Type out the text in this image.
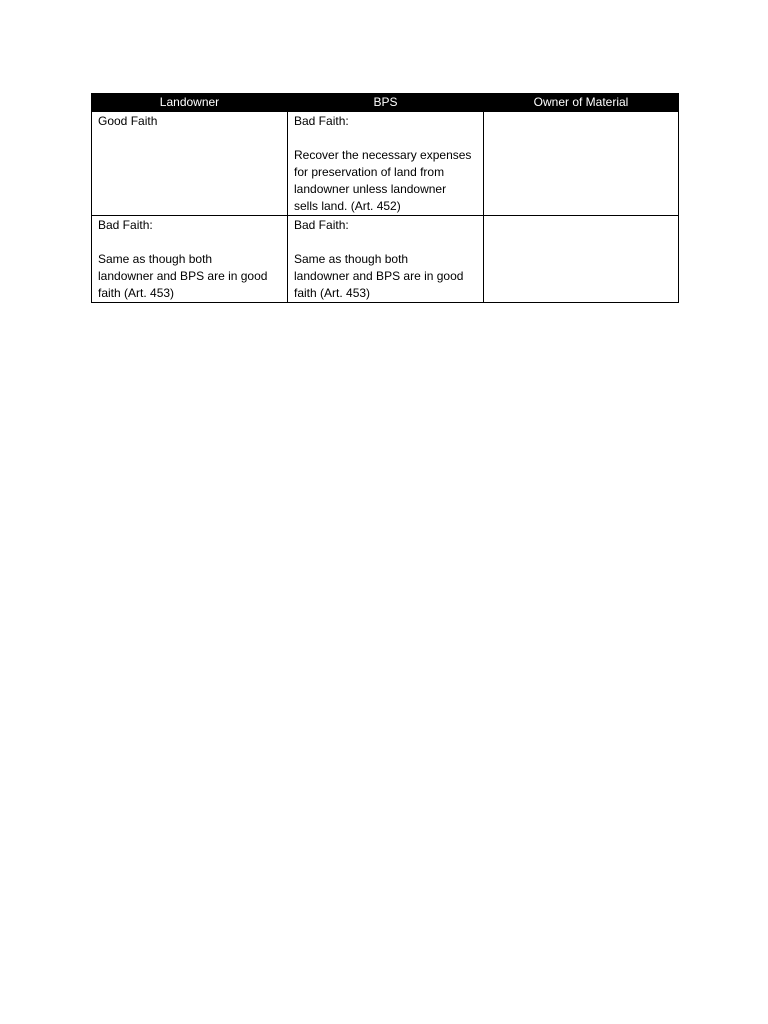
Landowner	BPS	Owner of Material

Good Faith	Bad Faith:
Recover the necessary expenses
for preservation of land from
landowner unless landowner
sells land. (Art. 452)	

Bad Faith:
Same as though both
landowner and BPS are in good
faith (Art. 453)	Bad Faith:
Same as though both
landowner and BPS are in good
faith (Art. 453)	
